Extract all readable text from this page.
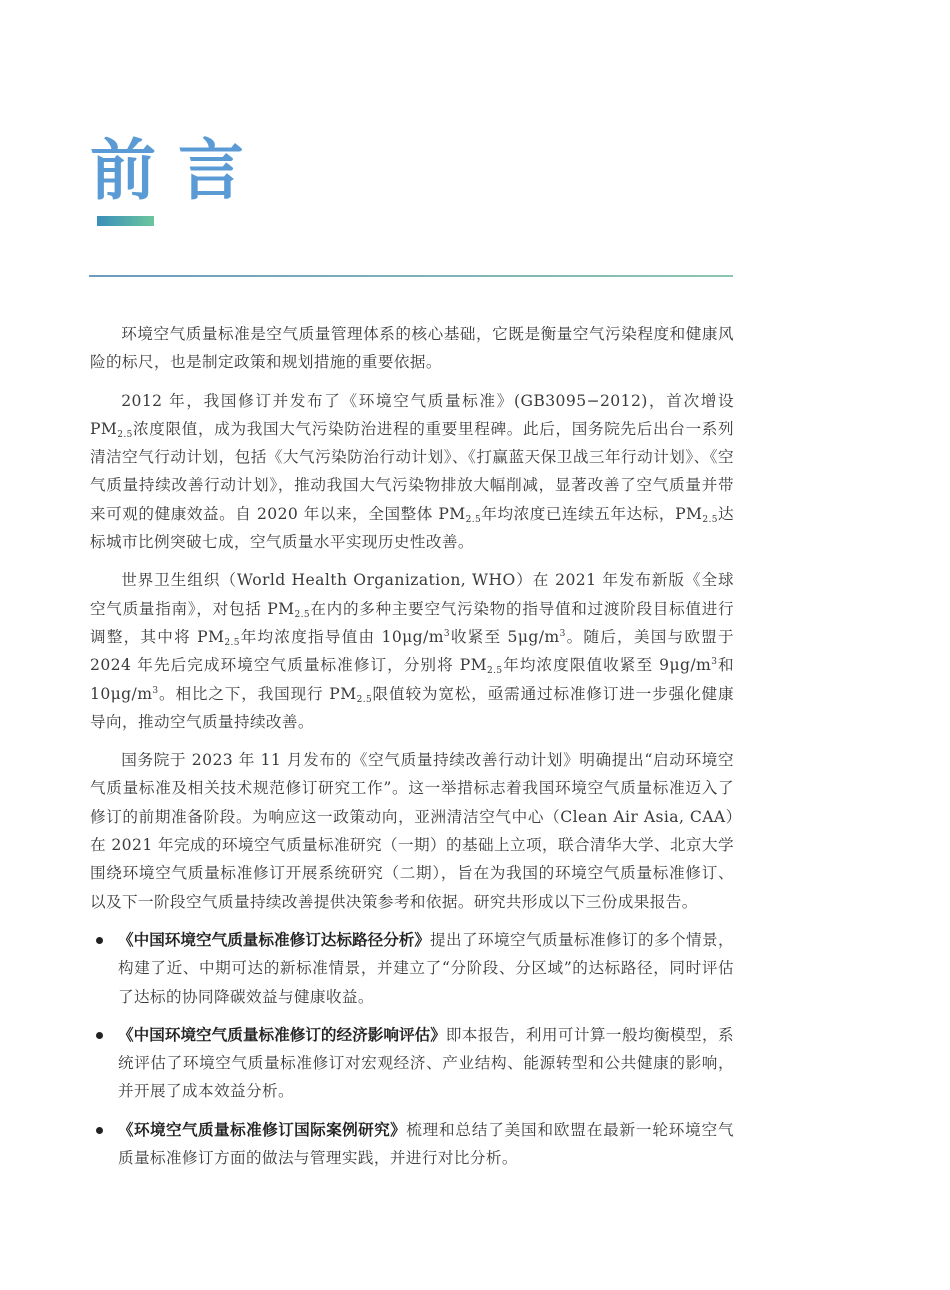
前言

环境空气质量标准是空气质量管理体系的核心基础，它既是衡量空气污染程度和健康风险的标尺，也是制定政策和规划措施的重要依据。

2012 年，我国修订并发布了《环境空气质量标准》(GB3095−2012)，首次增设 $PM_{2.5}$浓度限值，成为我国大气污染防治进程的重要里程碑。此后，国务院先后出台一系列清洁空气行动计划，包括《大气污染防治行动计划》、《打赢蓝天保卫战三年行动计划》、《空气质量持续改善行动计划》，推动我国大气污染物排放大幅削减，显著改善了空气质量并带来可观的健康效益。自 2020 年以来，全国整体 $PM_{2.5}$年均浓度已连续五年达标，$PM_{2.5}$达标城市比例突破七成，空气质量水平实现历史性改善。

世界卫生组织（World Health Organization, WHO）在 2021 年发布新版《全球空气质量指南》，对包括 $PM_{2.5}$在内的多种主要空气污染物的指导值和过渡阶段目标值进行调整，其中将 $PM_{2.5}$年均浓度指导值由 $10\mu g/m^3$收紧至 $5\mu g/m^3$。随后，美国与欧盟于 2024 年先后完成环境空气质量标准修订，分别将 $PM_{2.5}$年均浓度限值收紧至 $9\mu g/m^3$和 $10\mu g/m^3$。相比之下，我国现行 $PM_{2.5}$限值较为宽松，亟需通过标准修订进一步强化健康导向，推动空气质量持续改善。

国务院于 2023 年 11 月发布的《空气质量持续改善行动计划》明确提出“启动环境空气质量标准及相关技术规范修订研究工作”。这一举措标志着我国环境空气质量标准迈入了修订的前期准备阶段。为响应这一政策动向，亚洲清洁空气中心（Clean Air Asia, CAA）在 2021 年完成的环境空气质量标准研究（一期）的基础上立项，联合清华大学、北京大学围绕环境空气质量标准修订开展系统研究（二期），旨在为我国的环境空气质量标准修订、以及下一阶段空气质量持续改善提供决策参考和依据。研究共形成以下三份成果报告。

《中国环境空气质量标准修订达标路径分析》提出了环境空气质量标准修订的多个情景，构建了近、中期可达的新标准情景，并建立了“分阶段、分区域”的达标路径，同时评估了达标的协同降碳效益与健康收益。
《中国环境空气质量标准修订的经济影响评估》即本报告，利用可计算一般均衡模型，系统评估了环境空气质量标准修订对宏观经济、产业结构、能源转型和公共健康的影响，并开展了成本效益分析。
《环境空气质量标准修订国际案例研究》梳理和总结了美国和欧盟在最新一轮环境空气质量标准修订方面的做法与管理实践，并进行对比分析。
